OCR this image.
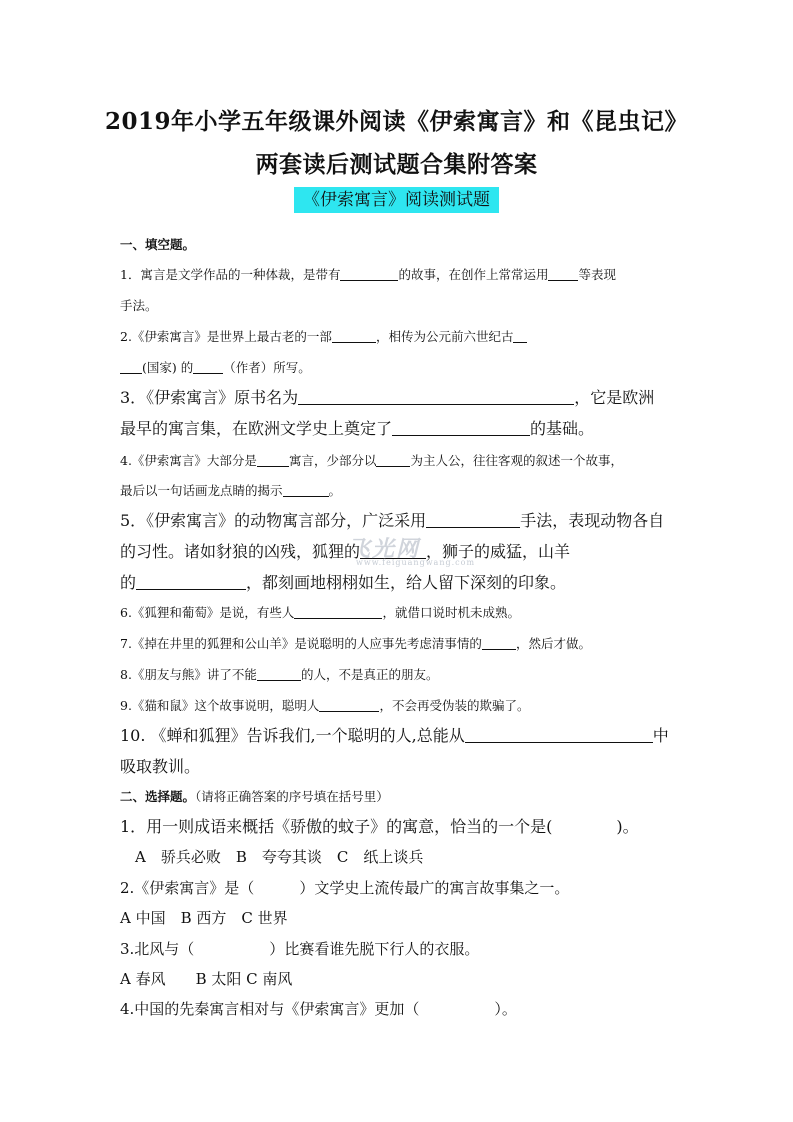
2019年小学五年级课外阅读《伊索寓言》和《昆虫记》
两套读后测试题合集附答案
《伊索寓言》阅读测试题
一、填空题。
1．寓言是文学作品的一种体裁，是带有	的故事，在创作上常常运用 等表现
手法。
2.《伊索寓言》是世界上最古老的一部	，相传为公元前六世纪古
(国家) 的 （作者）所写。
3．《伊索寓言》原书名为	，它是欧洲
最早的寓言集，在欧洲文学史上奠定了	的基础。
4.《伊索寓言》大部分是	寓言，少部分以	为主人公，往往客观的叙述一个故事，
最后以一句话画龙点睛的揭示	。
5．《伊索寓言》的动物寓言部分，广泛采用	手法，表现动物各自
的习性。诸如豺狼的凶残，狐狸的	，狮子的威猛，山羊
的	，都刻画地栩栩如生，给人留下深刻的印象。
6.《狐狸和葡萄》是说，有些人	，就借口说时机未成熟。
7.《掉在井里的狐狸和公山羊》是说聪明的人应事先考虑清事情的	，然后才做。
8.《朋友与熊》讲了不能	的人，不是真正的朋友。
9.《猫和鼠》这个故事说明，聪明人	，不会再受伪装的欺骗了。
10. 《蝉和狐狸》告诉我们,一个聪明的人,总能从	中
吸取教训。
二、选择题。（请将正确答案的序号填在括号里）
1．用一则成语来概括《骄傲的蚊子》的寓意，恰当的一个是(　　　　)。
A　骄兵必败　B　夸夸其谈　C　纸上谈兵
2.《伊索寓言》是（　　　）文学史上流传最广的寓言故事集之一。
A 中国　B 西方　C 世界
3.北风与（　　　　　）比赛看谁先脱下行人的衣服。
A 春风　　B 太阳 C 南风
4.中国的先秦寓言相对与《伊索寓言》更加（　　　　　）。
飞光网
www.feiguangwang.com
